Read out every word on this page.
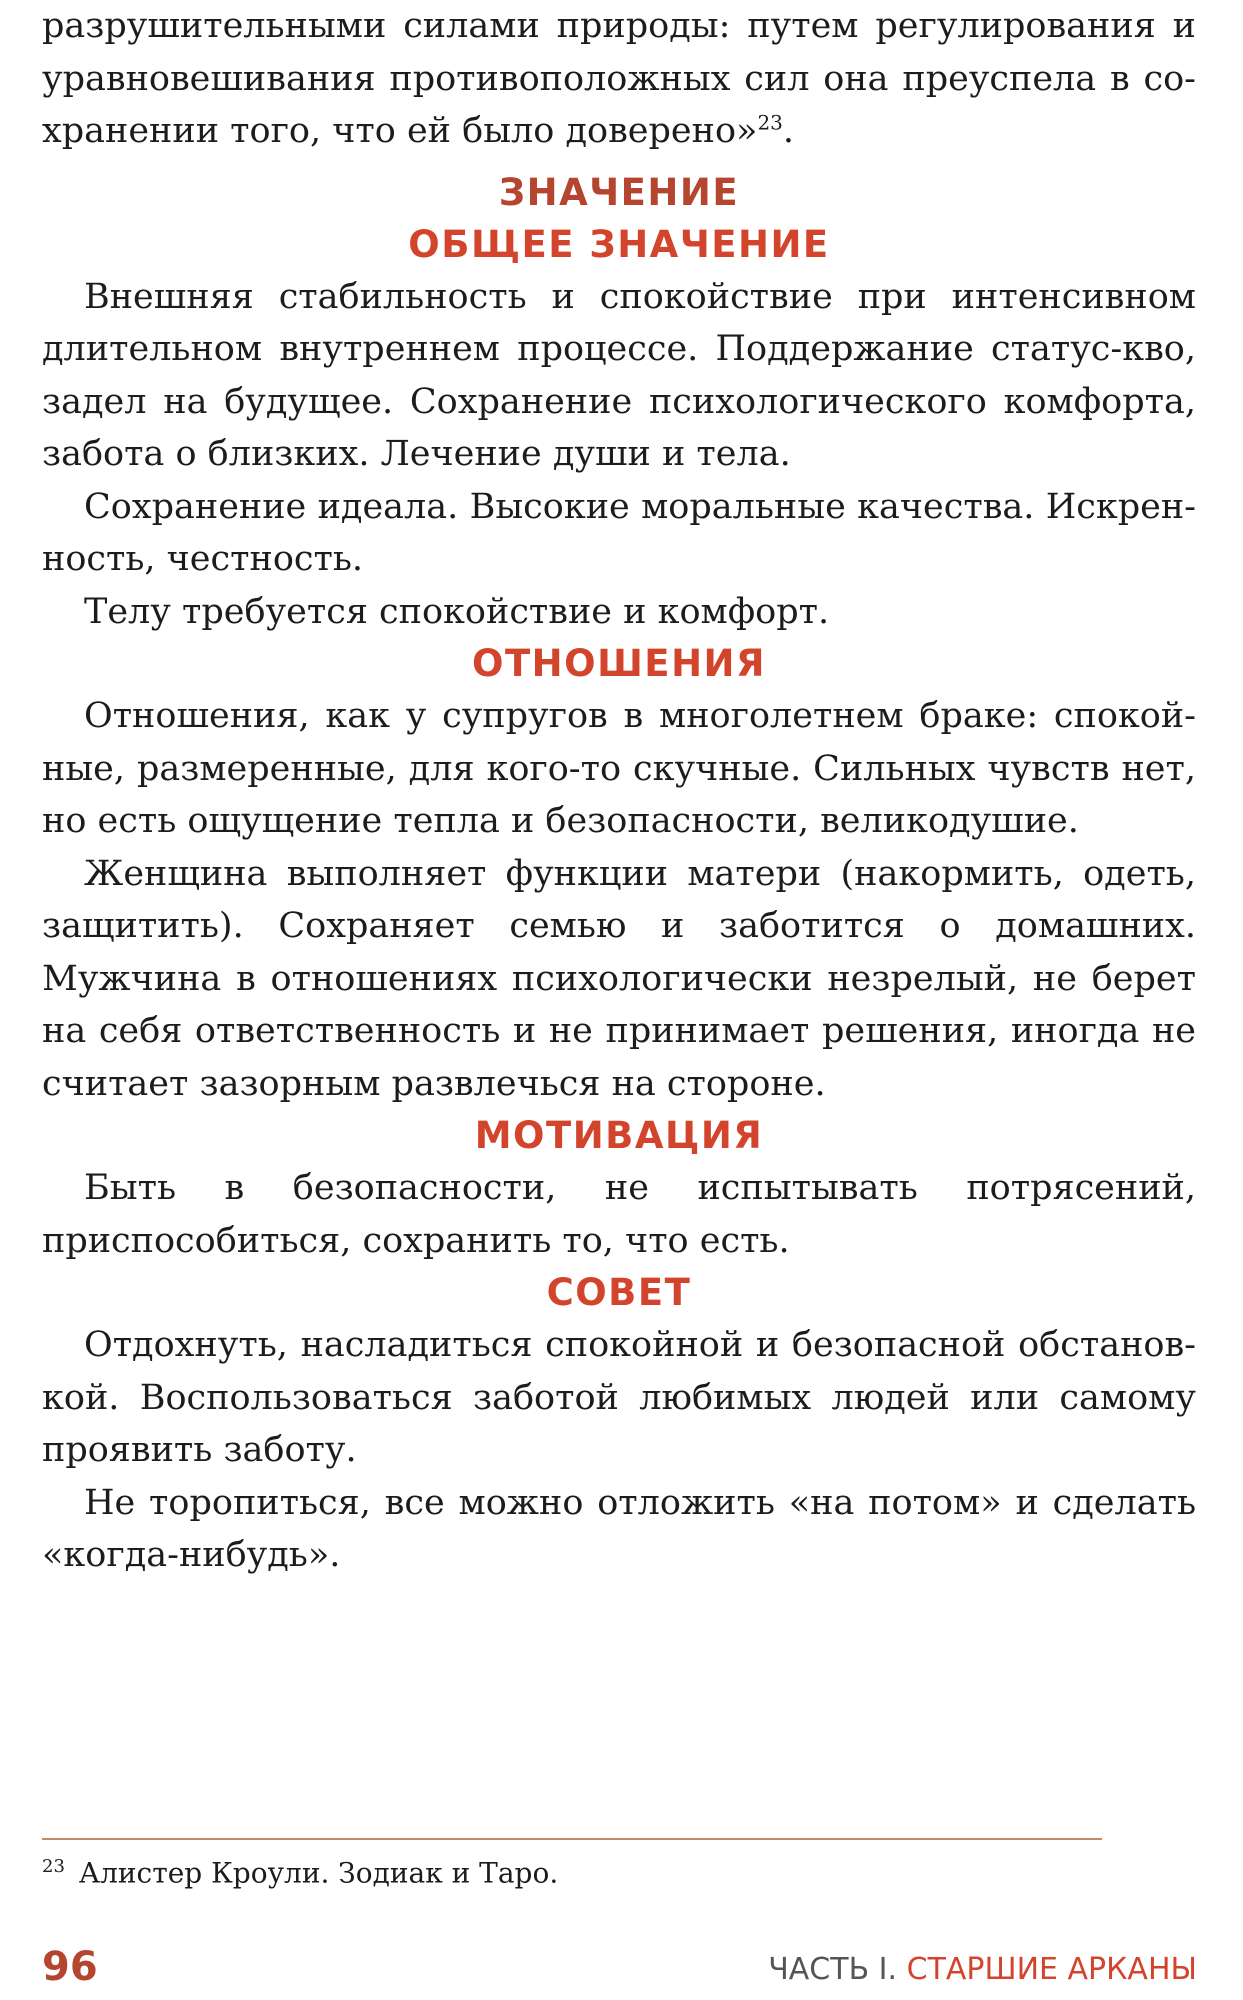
разрушительными силами природы: путем регулирования и уравновешивания противоположных сил она преуспела в сохранении того, что ей было доверено»$^{23}$.

ЗНАЧЕНИЕ
ОБЩЕЕ ЗНАЧЕНИЕ

Внешняя стабильность и спокойствие при интенсивном длительном внутреннем процессе. Поддержание статус-кво, задел на будущее. Сохранение психологического комфорта, забота о близких. Лечение души и тела.

Сохранение идеала. Высокие моральные качества. Искренность, честность.

Телу требуется спокойствие и комфорт.

ОТНОШЕНИЯ

Отношения, как у супругов в многолетнем браке: спокойные, размеренные, для кого-то скучные. Сильных чувств нет, но есть ощущение тепла и безопасности, великодушие.

Женщина выполняет функции матери (накормить, одеть, защитить). Сохраняет семью и заботится о домашних. Мужчина в отношениях психологически незрелый, не берет на себя ответственность и не принимает решения, иногда не считает зазорным развлечься на стороне.

МОТИВАЦИЯ

Быть в безопасности, не испытывать потрясений, приспособиться, сохранить то, что есть.

СОВЕТ

Отдохнуть, насладиться спокойной и безопасной обстановкой. Воспользоваться заботой любимых людей или самому проявить заботу.

Не торопиться, все можно отложить «на потом» и сделать «когда-нибудь».

$^{23}$ Алистер Кроули. Зодиак и Таро.
96	ЧАСТЬ I. СТАРШИЕ АРКАНЫ
